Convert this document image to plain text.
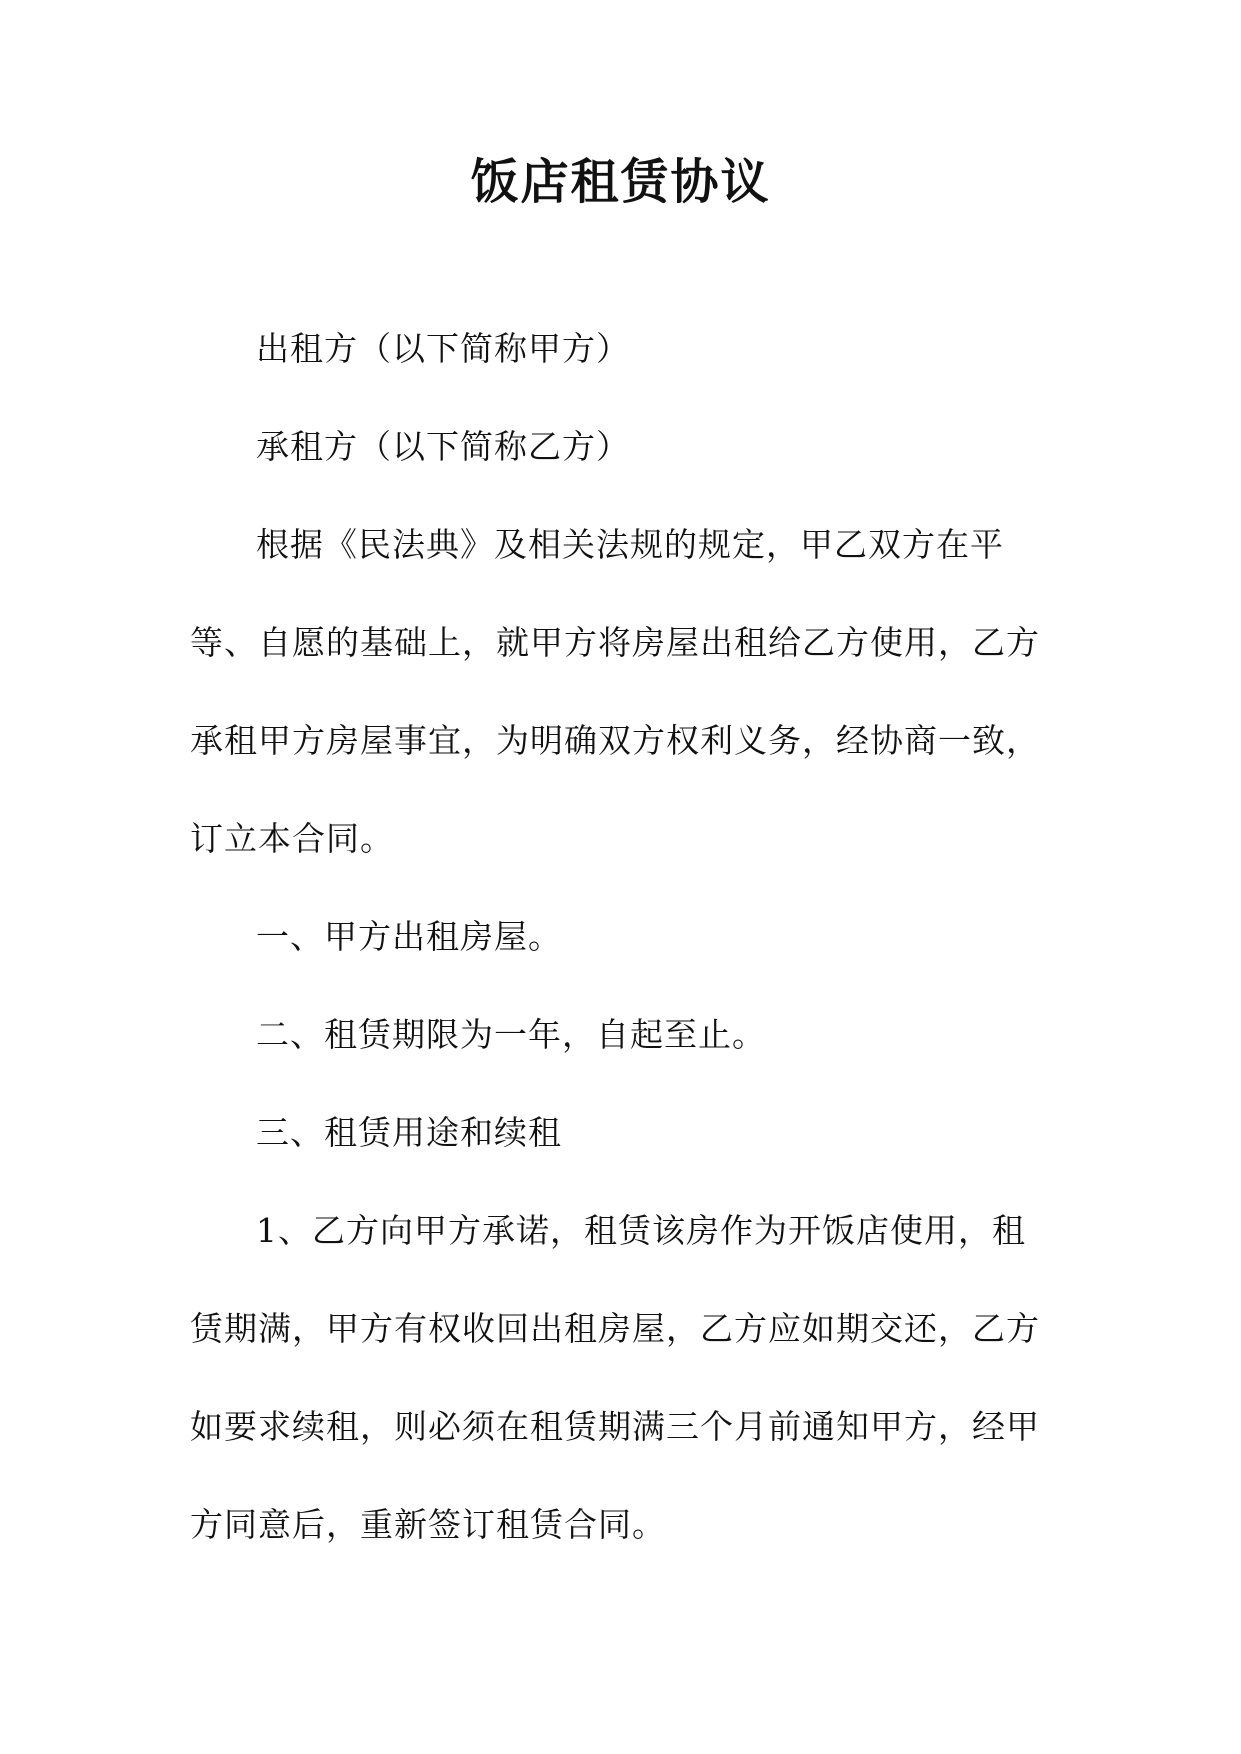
饭店租赁协议

出租方（以下简称甲方）

承租方（以下简称乙方）

根据《民法典》及相关法规的规定，甲乙双方在平等、自愿的基础上，就甲方将房屋出租给乙方使用，乙方承租甲方房屋事宜，为明确双方权利义务，经协商一致，订立本合同。

一、甲方出租房屋。

二、租赁期限为一年，自起至止。

三、租赁用途和续租

1、乙方向甲方承诺，租赁该房作为开饭店使用，租赁期满，甲方有权收回出租房屋，乙方应如期交还，乙方如要求续租，则必须在租赁期满三个月前通知甲方，经甲方同意后，重新签订租赁合同。
